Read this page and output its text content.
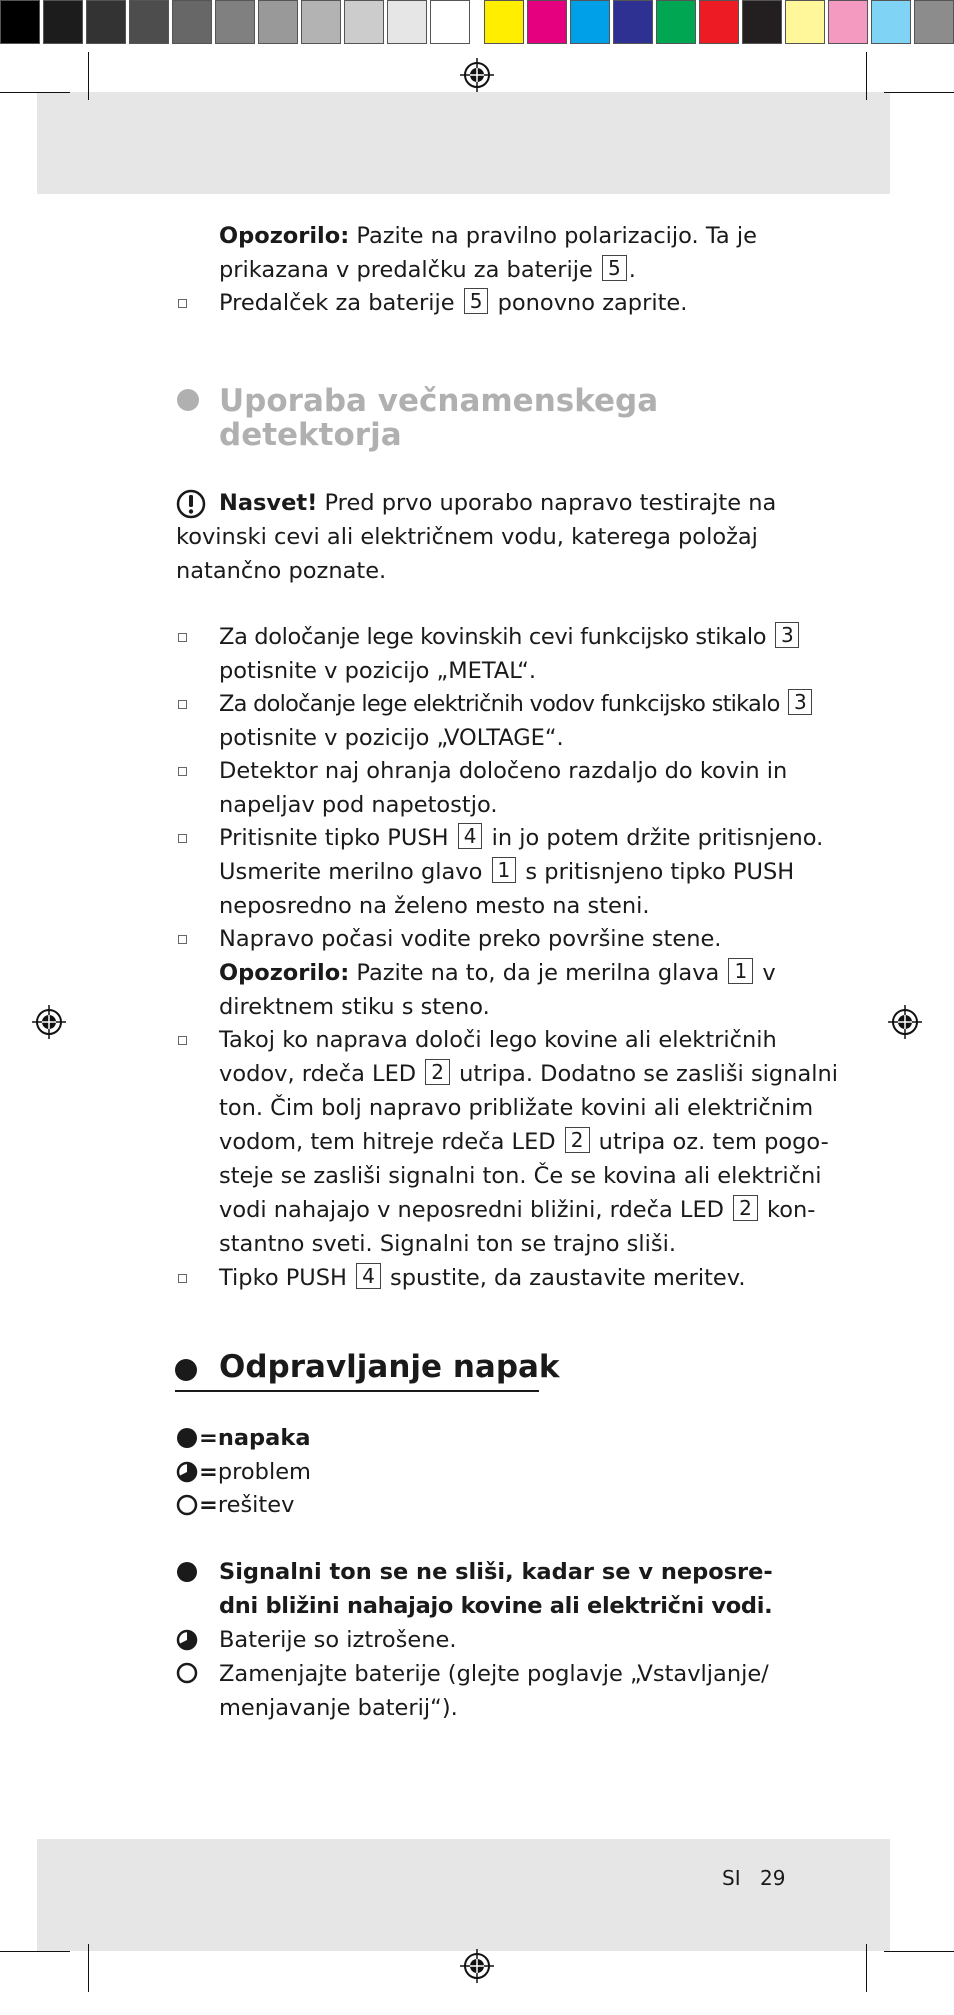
Opozorilo: Pazite na pravilno polarizacijo. Ta je
prikazana v predalčku za baterije 5 .
Predalček za baterije 5 ponovno zaprite.
Uporaba večnamenskega
detektorja
Nasvet! Pred prvo uporabo napravo testirajte na
kovinski cevi ali električnem vodu, katerega položaj
natančno poznate.
Za določanje lege kovinskih cevi funkcijsko stikalo 3
potisnite v pozicijo „METAL“.
Za določanje lege električnih vodov funkcijsko stikalo 3
potisnite v pozicijo „VOLTAGE“.
Detektor naj ohranja določeno razdaljo do kovin in
napeljav pod napetostjo.
Pritisnite tipko PUSH 4 in jo potem držite pritisnjeno.
Usmerite merilno glavo 1 s pritisnjeno tipko PUSH
neposredno na želeno mesto na steni.
Napravo počasi vodite preko površine stene.
Opozorilo: Pazite na to, da je merilna glava 1 v
direktnem stiku s steno.
Takoj ko naprava določi lego kovine ali električnih
vodov, rdeča LED 2 utripa. Dodatno se zasliši signalni
ton. Čim bolj napravo približate kovini ali električnim
vodom, tem hitreje rdeča LED 2 utripa oz. tem pogo-
steje se zasliši signalni ton. Če se kovina ali električni
vodi nahajajo v neposredni bližini, rdeča LED 2 kon-
stantno sveti. Signalni ton se trajno sliši.
Tipko PUSH 4 spustite, da zaustavite meritev.
Odpravljanje napak
=napaka
=problem
=rešitev
Signalni ton se ne sliši, kadar se v neposre-
dni bližini nahajajo kovine ali električni vodi.
Baterije so iztrošene.
Zamenjajte baterije (glejte poglavje „Vstavljanje/
menjavanje baterij“).
SI 29
